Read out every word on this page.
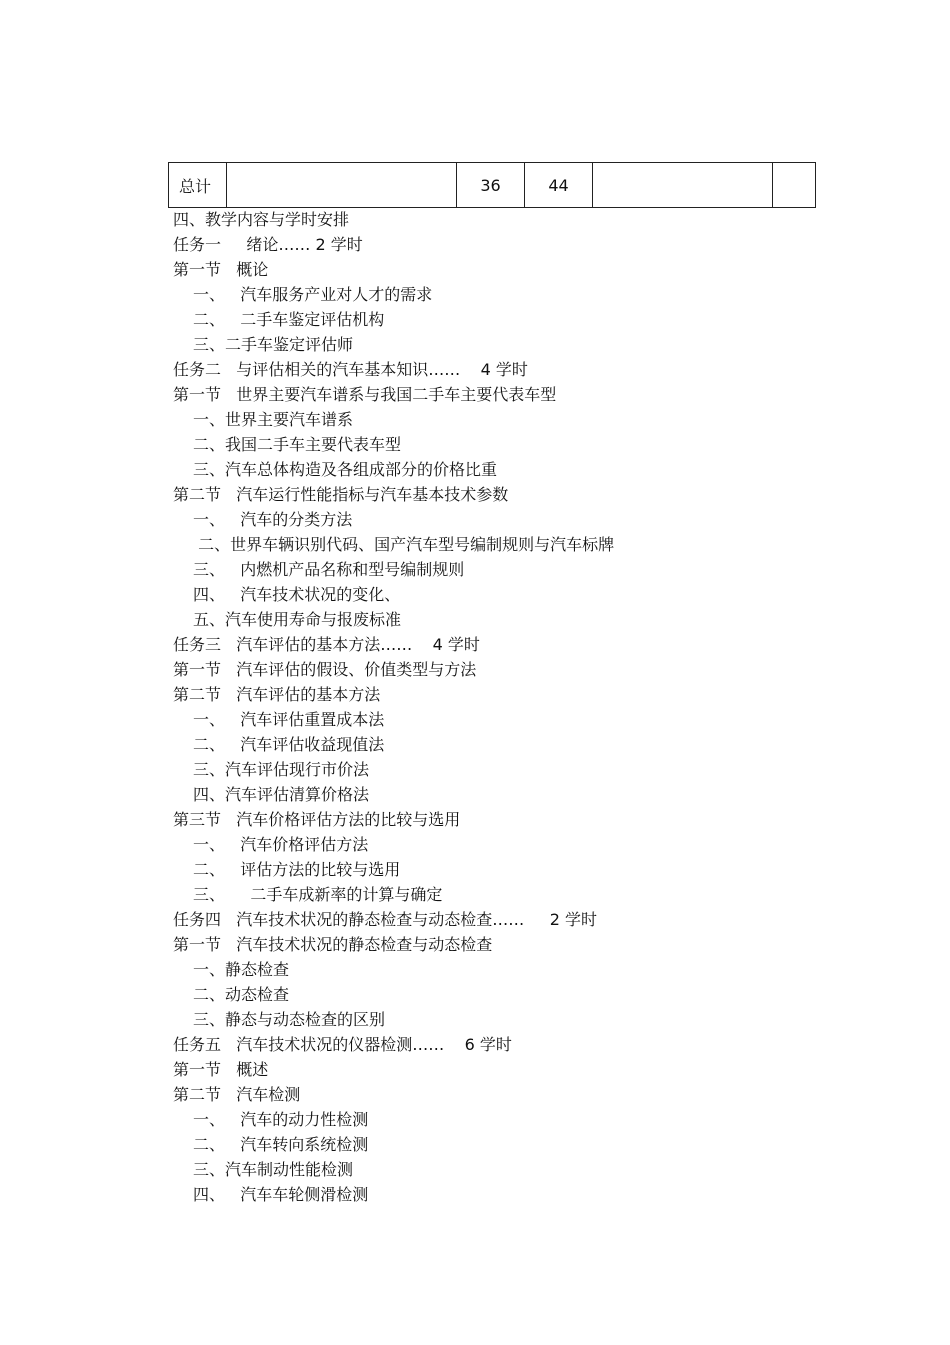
总计		36	44		
四、教学内容与学时安排
任务一     绪论…… 2 学时
第一节   概论
一、   汽车服务产业对人才的需求
二、   二手车鉴定评估机构
三、二手车鉴定评估师
任务二   与评估相关的汽车基本知识……    4 学时
第一节   世界主要汽车谱系与我国二手车主要代表车型
一、世界主要汽车谱系
二、我国二手车主要代表车型
三、汽车总体构造及各组成部分的价格比重
第二节   汽车运行性能指标与汽车基本技术参数
一、   汽车的分类方法
二、世界车辆识别代码、国产汽车型号编制规则与汽车标牌
三、   内燃机产品名称和型号编制规则
四、   汽车技术状况的变化、
五、汽车使用寿命与报废标准
任务三   汽车评估的基本方法……    4 学时
第一节   汽车评估的假设、价值类型与方法
第二节   汽车评估的基本方法
一、   汽车评估重置成本法
二、   汽车评估收益现值法
三、汽车评估现行市价法
四、汽车评估清算价格法
第三节   汽车价格评估方法的比较与选用
一、   汽车价格评估方法
二、   评估方法的比较与选用
三、     二手车成新率的计算与确定
任务四   汽车技术状况的静态检查与动态检查……     2 学时
第一节   汽车技术状况的静态检查与动态检查
一、静态检查
二、动态检查
三、静态与动态检查的区别
任务五   汽车技术状况的仪器检测……    6 学时
第一节   概述
第二节   汽车检测
一、   汽车的动力性检测
二、   汽车转向系统检测
三、汽车制动性能检测
四、   汽车车轮侧滑检测
